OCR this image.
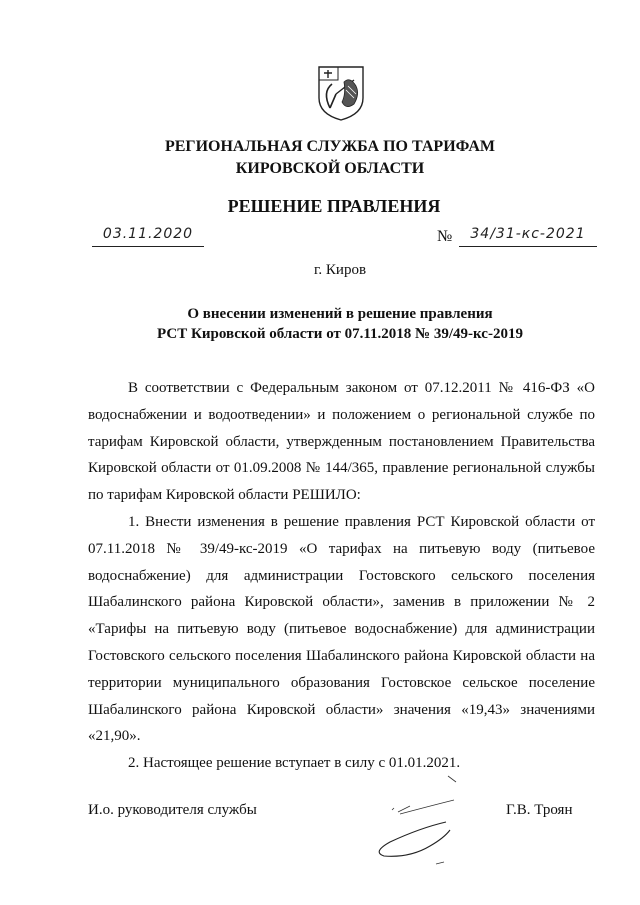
РЕГИОНАЛЬНАЯ СЛУЖБА ПО ТАРИФАМ
КИРОВСКОЙ ОБЛАСТИ
РЕШЕНИЕ ПРАВЛЕНИЯ
03.11.2020	№	34/31-кс-2021
г. Киров
О внесении изменений в решение правления
РСТ Кировской области от 07.11.2018 № 39/49-кс-2019

В соответствии с Федеральным законом от 07.12.2011 № 416-ФЗ «О водоснабжении и водоотведении» и положением о региональной службе по тарифам Кировской области, утвержденным постановлением Правительства Кировской области от 01.09.2008 № 144/365, правление региональной службы по тарифам Кировской области РЕШИЛО:

1. Внести изменения в решение правления РСТ Кировской области от 07.11.2018 № 39/49-кс-2019 «О тарифах на питьевую воду (питьевое водоснабжение) для администрации Гостовского сельского поселения Шабалинского района Кировской области», заменив в приложении № 2 «Тарифы на питьевую воду (питьевое водоснабжение) для администрации Гостовского сельского поселения Шабалинского района Кировской области на территории муниципального образования Гостовское сельское поселение Шабалинского района Кировской области» значения «19,43» значениями «21,90».

2. Настоящее решение вступает в силу с 01.01.2021.

И.о. руководителя службы	Г.В. Троян
